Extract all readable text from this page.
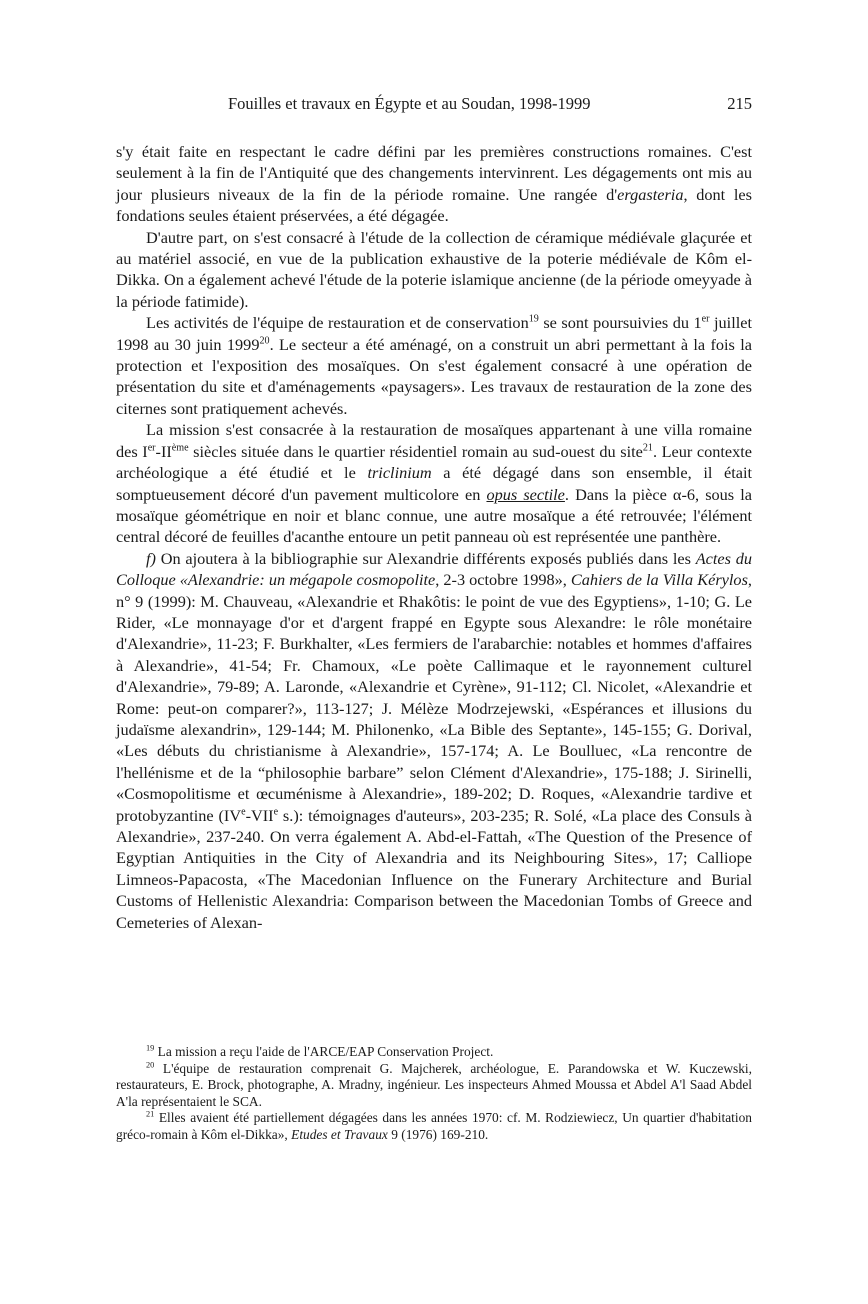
Fouilles et travaux en Égypte et au Soudan, 1998-1999	215

s'y était faite en respectant le cadre défini par les premières constructions romaines. C'est seulement à la fin de l'Antiquité que des changements intervinrent. Les dégagements ont mis au jour plusieurs niveaux de la fin de la période romaine. Une rangée d'ergasteria, dont les fondations seules étaient préservées, a été dégagée.

D'autre part, on s'est consacré à l'étude de la collection de céramique médiévale glaçurée et au matériel associé, en vue de la publication exhaustive de la poterie médiévale de Kôm el-Dikka. On a également achevé l'étude de la poterie islamique ancienne (de la période omeyyade à la période fatimide).

Les activités de l'équipe de restauration et de conservation$^{19}$ se sont poursuivies du 1er juillet 1998 au 30 juin 1999$^{20}$. Le secteur a été aménagé, on a construit un abri permettant à la fois la protection et l'exposition des mosaïques. On s'est également consacré à une opération de présentation du site et d'aménagements «paysagers». Les travaux de restauration de la zone des citernes sont pratiquement achevés.

La mission s'est consacrée à la restauration de mosaïques appartenant à une villa romaine des Ier-IIème siècles située dans le quartier résidentiel romain au sud-ouest du site$^{21}$. Leur contexte archéologique a été étudié et le triclinium a été dégagé dans son ensemble, il était somptueusement décoré d'un pavement multicolore en opus sectile. Dans la pièce α-6, sous la mosaïque géométrique en noir et blanc connue, une autre mosaïque a été retrouvée; l'élément central décoré de feuilles d'acanthe entoure un petit panneau où est représentée une panthère.

f) On ajoutera à la bibliographie sur Alexandrie différents exposés publiés dans les Actes du Colloque «Alexandrie: un mégapole cosmopolite, 2-3 octobre 1998», Cahiers de la Villa Kérylos, n° 9 (1999): M. Chauveau, «Alexandrie et Rhakôtis: le point de vue des Egyptiens», 1-10; G. Le Rider, «Le monnayage d'or et d'argent frappé en Egypte sous Alexandre: le rôle monétaire d'Alexandrie», 11-23; F. Burkhalter, «Les fermiers de l'arabarchie: notables et hommes d'affaires à Alexandrie», 41-54; Fr. Chamoux, «Le poète Callimaque et le rayonnement culturel d'Alexandrie», 79-89; A. Laronde, «Alexandrie et Cyrène», 91-112; Cl. Nicolet, «Alexandrie et Rome: peut-on comparer?», 113-127; J. Mélèze Modrzejewski, «Espérances et illusions du judaïsme alexandrin», 129-144; M. Philonenko, «La Bible des Septante», 145-155; G. Dorival, «Les débuts du christianisme à Alexandrie», 157-174; A. Le Boulluec, «La rencontre de l'hellénisme et de la “philosophie barbare” selon Clément d'Alexandrie», 175-188; J. Sirinelli, «Cosmopolitisme et œcuménisme à Alexandrie», 189-202; D. Roques, «Alexandrie tardive et protobyzantine (IVe-VIIe s.): témoignages d'auteurs», 203-235; R. Solé, «La place des Consuls à Alexandrie», 237-240. On verra également A. Abd-el-Fattah, «The Question of the Presence of Egyptian Antiquities in the City of Alexandria and its Neighbouring Sites», 17; Calliope Limneos-Papacosta, «The Macedonian Influence on the Funerary Architecture and Burial Customs of Hellenistic Alexandria: Comparison between the Macedonian Tombs of Greece and Cemeteries of Alexan-

$^{19}$ La mission a reçu l'aide de l'ARCE/EAP Conservation Project.

$^{20}$ L'équipe de restauration comprenait G. Majcherek, archéologue, E. Parandowska et W. Kuczewski, restaurateurs, E. Brock, photographe, A. Mradny, ingénieur. Les inspecteurs Ahmed Moussa et Abdel A'l Saad Abdel A'la représentaient le SCA.

$^{21}$ Elles avaient été partiellement dégagées dans les années 1970: cf. M. Rodziewiecz, Un quartier d'habitation gréco-romain à Kôm el-Dikka», Etudes et Travaux 9 (1976) 169-210.
